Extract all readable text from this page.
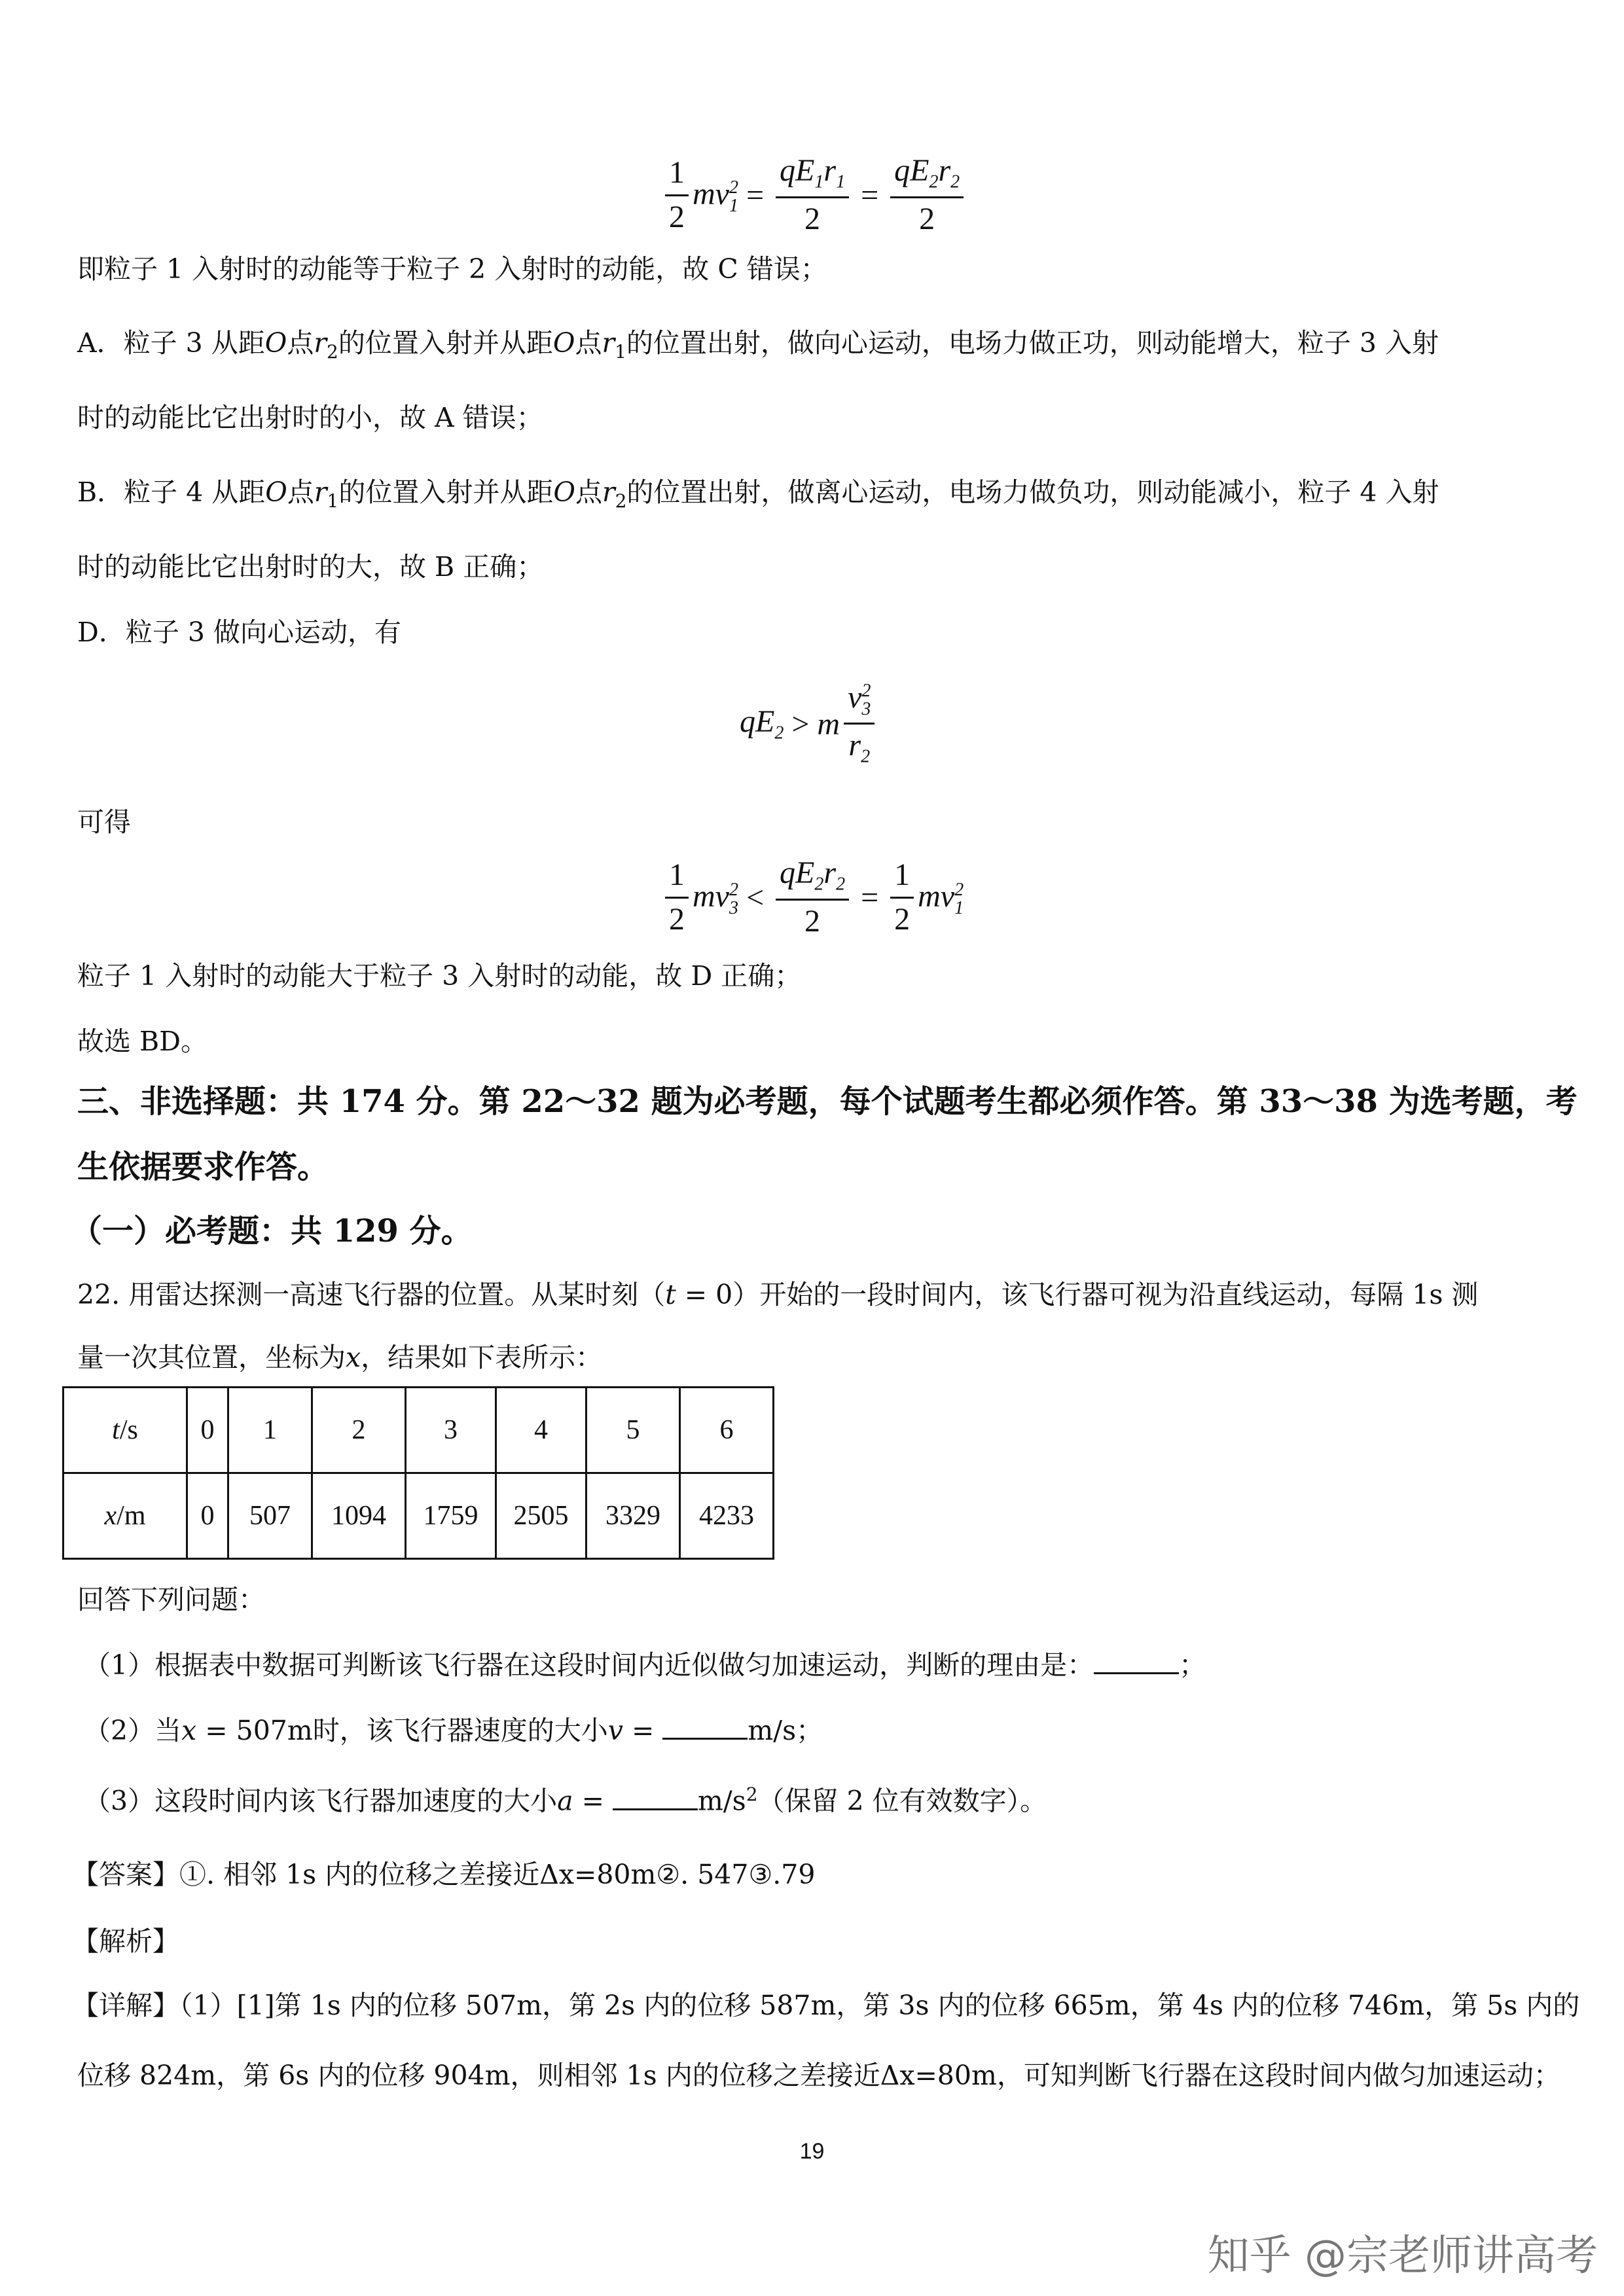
$\frac{1}{2}$ mv 2
$1 = \frac{qE_1r_1}{2} = \frac{qE_2r_2}{2}$
即粒子 1 入射时的动能等于粒子 2 入射时的动能，故 C 错误；
A．粒子 3 从距O点$r_2$的位置入射并从距O点$r_1$的位置出射，做向心运动，电场力做正功，则动能增大，粒子 3 入射
时的动能比它出射时的小，故 A 错误；
B．粒子 4 从距O点$r_1$的位置入射并从距O点$r_2$的位置出射，做离心运动，电场力做负功，则动能减小，粒子 4 入射
时的动能比它出射时的大，故 B 正确；
D．粒子 3 做向心运动，有
$qE_2 > m$ v 2
3
$r_2$
可得
$\frac{1}{2}$ mv 2
$3 < \frac{qE_2r_2}{2} = \frac{1}{2}$ mv 2
1
粒子 1 入射时的动能大于粒子 3 入射时的动能，故 D 正确；
故选 BD。
三、非选择题：共 174 分。第 22～32 题为必考题，每个试题考生都必须作答。第 33～38 为选考题，考
生依据要求作答。
（一）必考题：共 129 分。
22. 用雷达探测一高速飞行器的位置。从某时刻（t = 0）开始的一段时间内，该飞行器可视为沿直线运动，每隔 1s 测
量一次其位置，坐标为x，结果如下表所示：
t/s	0	1	2	3	4	5	6
x/m	0	507	1094	1759	2505	3329	4233
回答下列问题：
（1）根据表中数据可判断该飞行器在这段时间内近似做匀加速运动，判断的理由是：	；
（2）当x = 507m时，该飞行器速度的大小v =	m/s；
（3）这段时间内该飞行器加速度的大小a =	$m/s^2$（保留 2 位有效数字）。
【答案】①. 相邻 1s 内的位移之差接近Δx=80m②. 547③.79
【解析】
【详解】（1）[1]第 1s 内的位移 507m，第 2s 内的位移 587m，第 3s 内的位移 665m，第 4s 内的位移 746m，第 5s 内的
位移 824m，第 6s 内的位移 904m，则相邻 1s 内的位移之差接近Δx=80m，可知判断飞行器在这段时间内做匀加速运动；
19
知乎 @宗老师讲高考
